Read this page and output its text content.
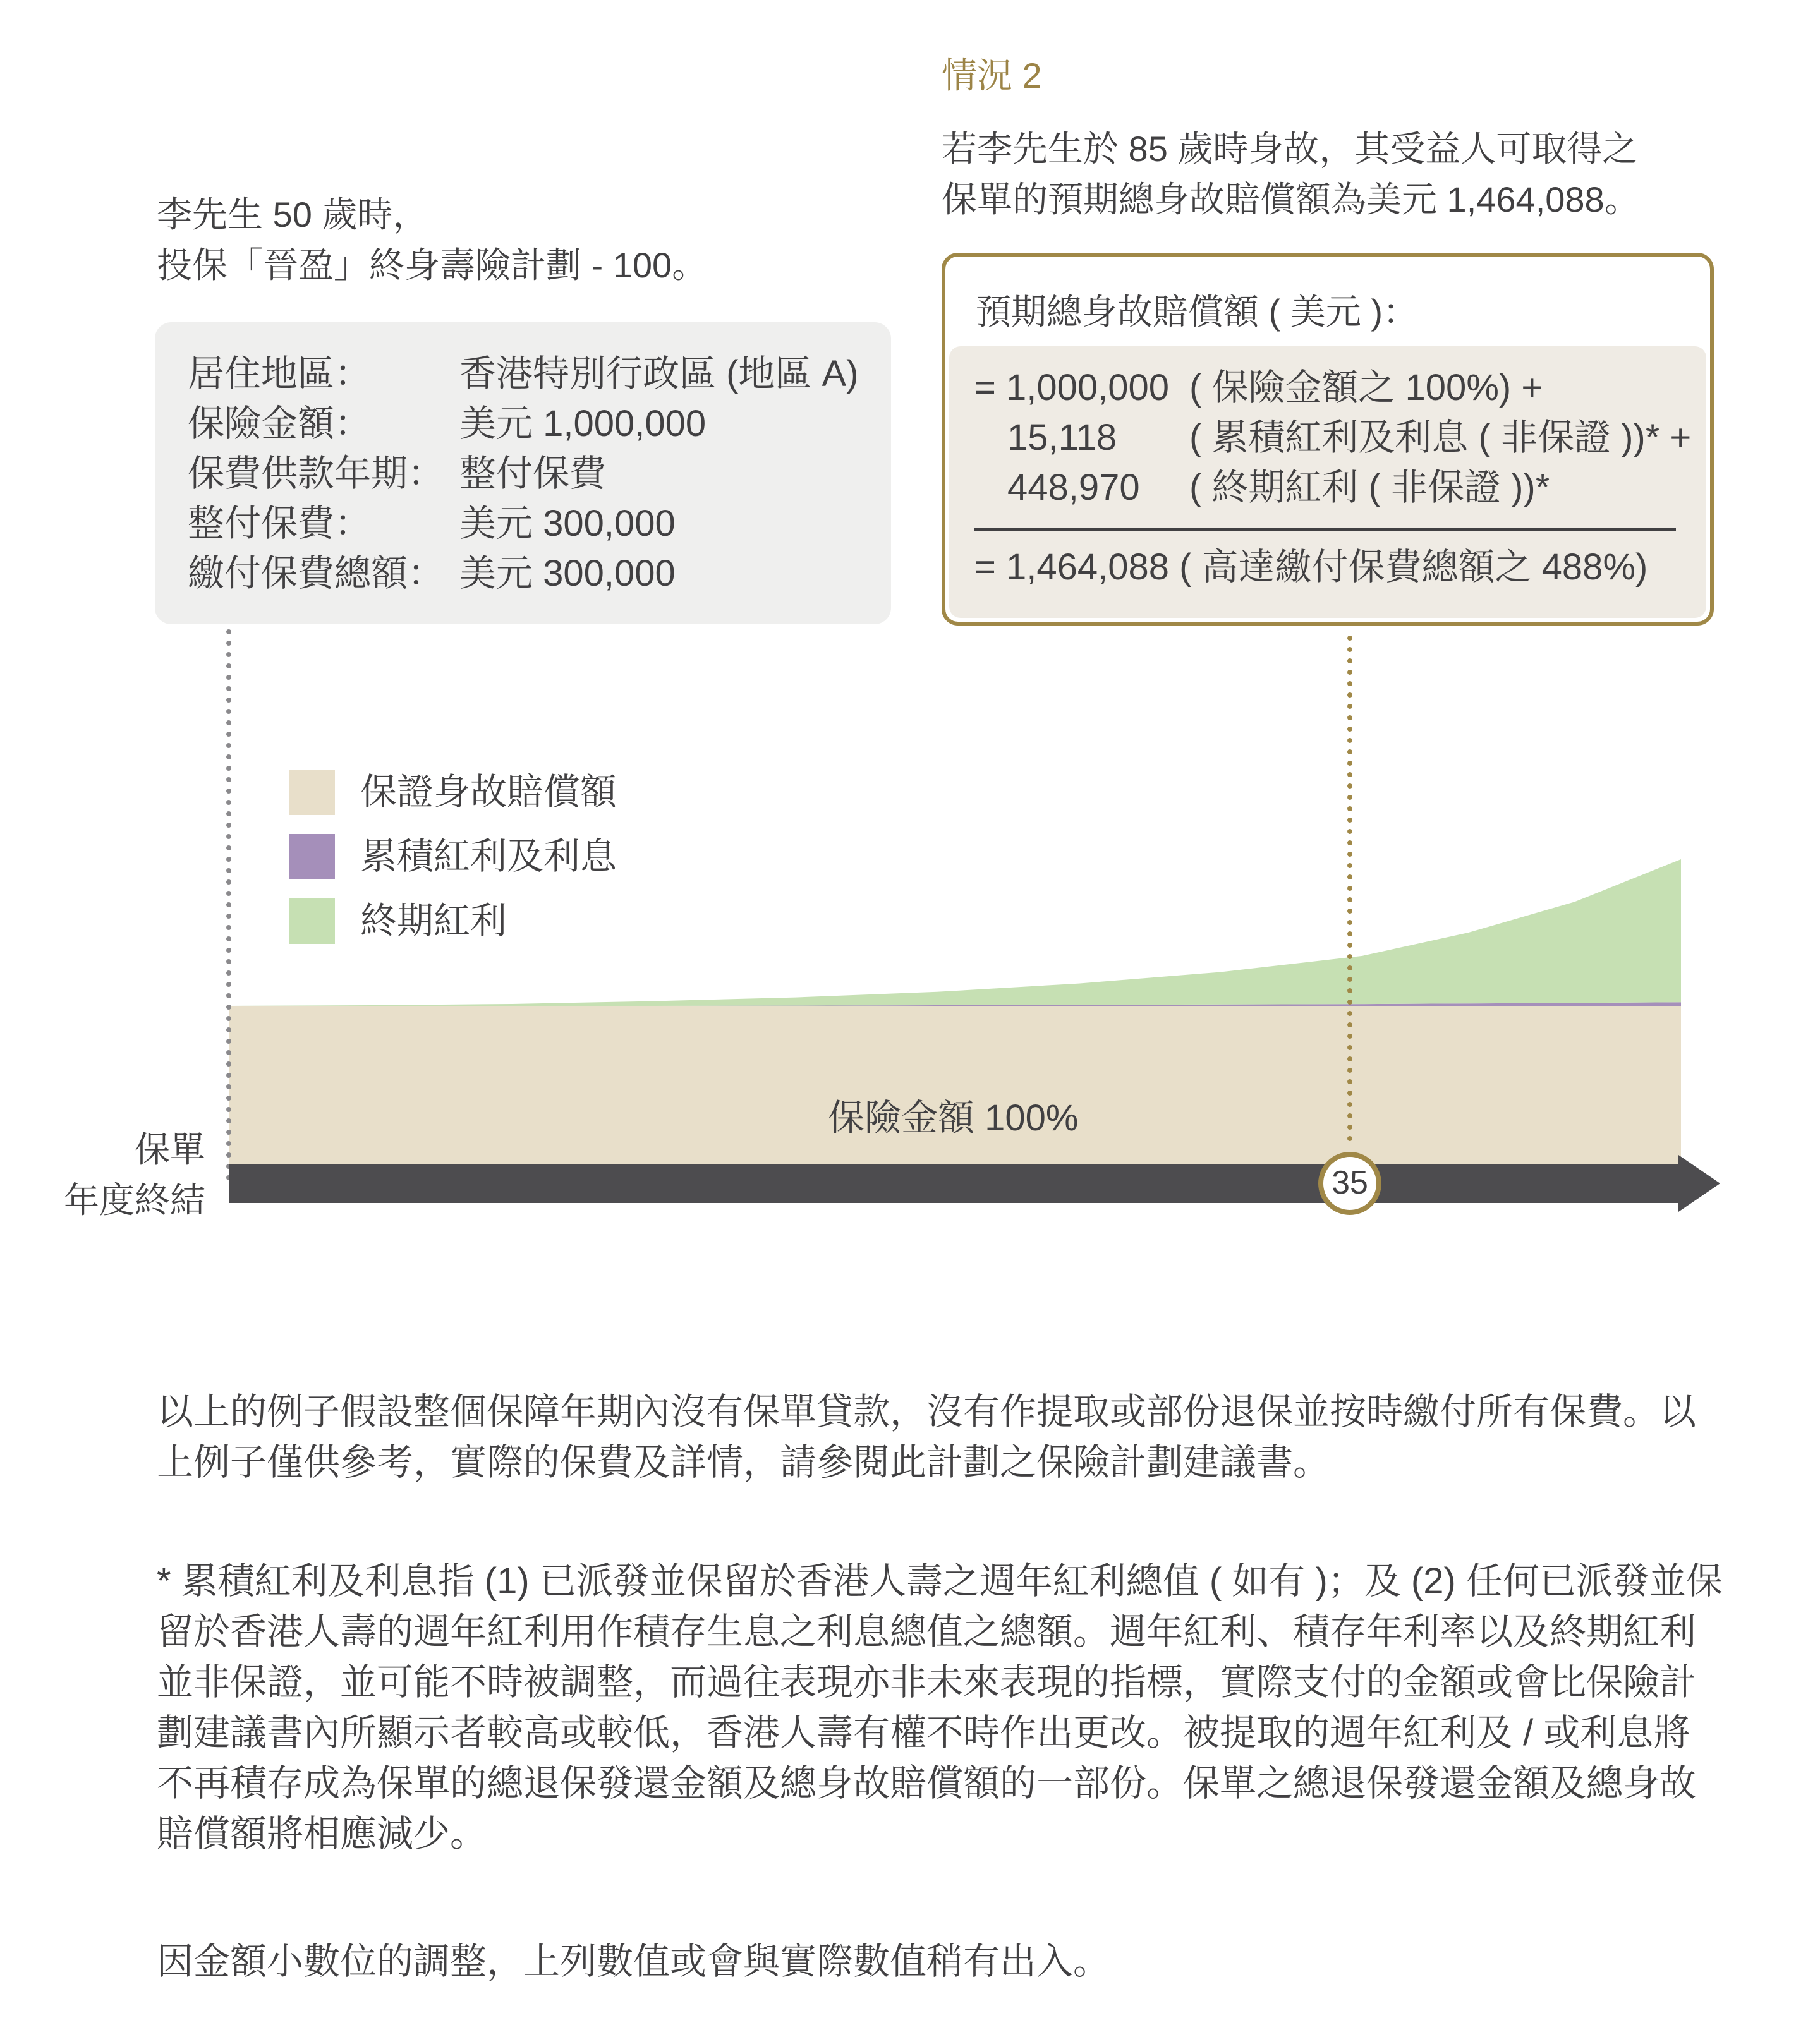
情況 2
若李先生於 85 歲時身故，其受益人可取得之
保單的預期總身故賠償額為美元 1,464,088。
李先生 50 歲時，
投保「晉盈」終身壽險計劃 - 100。
居住地區：	香港特別行政區 (地區 A)
保險金額：	美元 1,000,000
保費供款年期： 整付保費
整付保費：	美元 300,000
繳付保費總額： 美元 300,000
預期總身故賠償額 ( 美元 )：
= 1,000,000 ( 保險金額之 100%) +
15,118 ( 累積紅利及利息 ( 非保證 ))* +
448,970 ( 終期紅利 ( 非保證 ))*
= 1,464,088 ( 高達繳付保費總額之 488%)
保證身故賠償額
累積紅利及利息
終期紅利
保險金額 100%
保單
年度終結	35
以上的例子假設整個保障年期內沒有保單貸款，沒有作提取或部份退保並按時繳付所有保費。以上例子僅供參考，實際的保費及詳情，請參閱此計劃之保險計劃建議書。
* 累積紅利及利息指 (1) 已派發並保留於香港人壽之週年紅利總值 ( 如有 )；及 (2) 任何已派發並保留於香港人壽的週年紅利用作積存生息之利息總值之總額。週年紅利、積存年利率以及終期紅利並非保證，並可能不時被調整，而過往表現亦非未來表現的指標，實際支付的金額或會比保險計劃建議書內所顯示者較高或較低，香港人壽有權不時作出更改。被提取的週年紅利及 / 或利息將不再積存成為保單的總退保發還金額及總身故賠償額的一部份。保單之總退保發還金額及總身故賠償額將相應減少。
因金額小數位的調整，上列數值或會與實際數值稍有出入。
